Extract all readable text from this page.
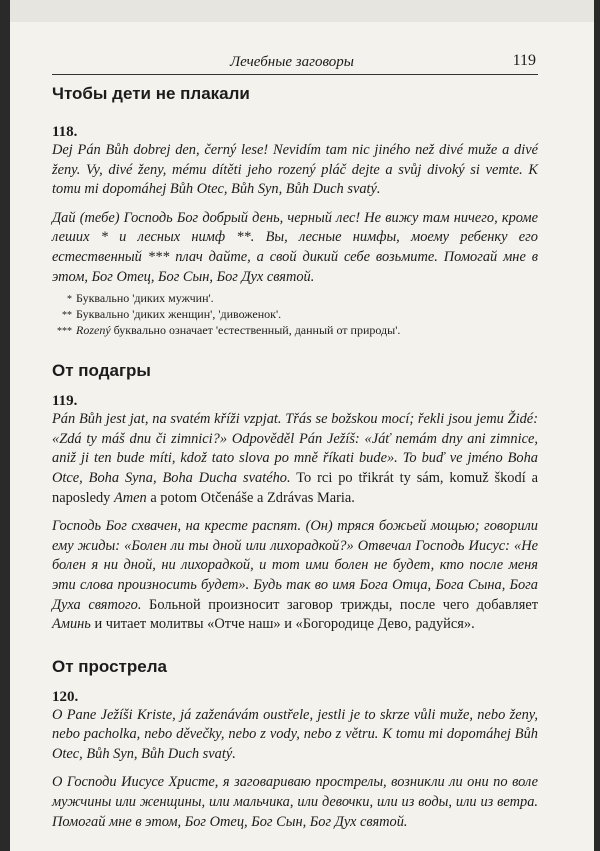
Лечебные заговоры	119
Чтобы дети не плакали
118.

Dej Pán Bůh dobrej den, černý lese! Nevidím tam nic jiného než divé muže a divé ženy. Vy, divé ženy, mému dítěti jeho rozený pláč dejte a svůj divoký si vemte. K tomu mi dopomáhej Bůh Otec, Bůh Syn, Bůh Duch svatý.

Дай (тебе) Господь Бог добрый день, черный лес! Не вижу там ничего, кроме леших * и лесных нимф **. Вы, лесные нимфы, моему ребенку его естественный *** плач дайте, а свой дикий себе возьмите. Помогай мне в этом, Бог Отец, Бог Сын, Бог Дух святой.

* Буквально 'диких мужчин'.
** Буквально 'диких женщин', 'дивоженок'.
*** Rozený буквально означает 'естественный, данный от природы'.
От подагры
119.

Pán Bůh jest jat, na svatém kříži vzpjat. Třás se božskou mocí; řekli jsou jemu Židé: «Zdá ty máš dnu či zimnici?» Odpověděl Pán Ježíš: «Jáť nemám dny ani zimnice, aniž ji ten bude míti, kdož tato slova po mně říkati bude». To buď ve jméno Boha Otce, Boha Syna, Boha Ducha svatého. To rci po třikrát ty sám, komuž škodí a naposledy Amen a potom Otčenáše a Zdrávas Maria.

Господь Бог схвачен, на кресте распят. (Он) тряся божьей мощью; говорили ему жиды: «Болен ли ты дной или лихорадкой?» Отвечал Господь Иисус: «Не болен я ни дной, ни лихорадкой, и тот ими болен не будет, кто после меня эти слова произносить будет». Будь так во имя Бога Отца, Бога Сына, Бога Духа святого. Больной произносит заговор трижды, после чего добавляет Аминь и читает молитвы «Отче наш» и «Богородице Дево, радуйся».

От прострела
120.

O Pane Ježíši Kriste, já zaženávám oustřele, jestli je to skrze vůli muže, nebo ženy, nebo pacholka, nebo děvečky, nebo z vody, nebo z větru. K tomu mi dopomáhej Bůh Otec, Bůh Syn, Bůh Duch svatý.

О Господи Иисусе Христе, я заговариваю прострелы, возникли ли они по воле мужчины или женщины, или мальчика, или девочки, или из воды, или из ветра. Помогай мне в этом, Бог Отец, Бог Сын, Бог Дух святой.
